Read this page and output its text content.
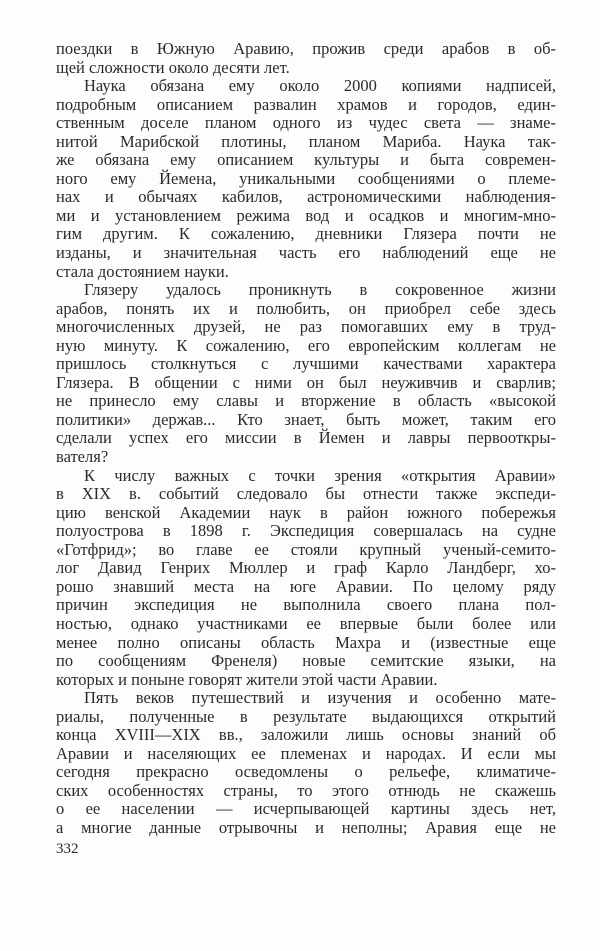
поездки в Южную Аравию, прожив среди арабов в об-
щей сложности около десяти лет.
Наука обязана ему около 2000 копиями надписей,
подробным описанием развалин храмов и городов, един-
ственным доселе планом одного из чудес света — знаме-
нитой Марибской плотины, планом Мариба. Наука так-
же обязана ему описанием культуры и быта современ-
ного ему Йемена, уникальными сообщениями о племе-
нах и обычаях кабилов, астрономическими наблюдения-
ми и установлением режима вод и осадков и многим-мно-
гим другим. К сожалению, дневники Глязера почти не
изданы, и значительная часть его наблюдений еще не
стала достоянием науки.
Глязеру удалось проникнуть в сокровенное жизни
арабов, понять их и полюбить, он приобрел себе здесь
многочисленных друзей, не раз помогавших ему в труд-
ную минуту. К сожалению, его европейским коллегам не
пришлось столкнуться с лучшими качествами характера
Глязера. В общении с ними он был неуживчив и сварлив;
не принесло ему славы и вторжение в область «высокой
политики» держав... Кто знает, быть может, таким его
сделали успех его миссии в Йемен и лавры первооткры-
вателя?
К числу важных с точки зрения «открытия Аравии»
в XIX в. событий следовало бы отнести также экспеди-
цию венской Академии наук в район южного побережья
полуострова в 1898 г. Экспедиция совершалась на судне
«Готфрид»; во главе ее стояли крупный ученый-семито-
лог Давид Генрих Мюллер и граф Карло Ландберг, хо-
рошо знавший места на юге Аравии. По целому ряду
причин экспедиция не выполнила своего плана пол-
ностью, однако участниками ее впервые были более или
менее полно описаны область Махра и (известные еще
по сообщениям Френеля) новые семитские языки, на
которых и поныне говорят жители этой части Аравии.
Пять веков путешествий и изучения и особенно мате-
риалы, полученные в результате выдающихся открытий
конца XVIII—XIX вв., заложили лишь основы знаний об
Аравии и населяющих ее племенах и народах. И если мы
сегодня прекрасно осведомлены о рельефе, климатиче-
ских особенностях страны, то этого отнюдь не скажешь
о ее населении — исчерпывающей картины здесь нет,
а многие данные отрывочны и неполны; Аравия еще не
332
